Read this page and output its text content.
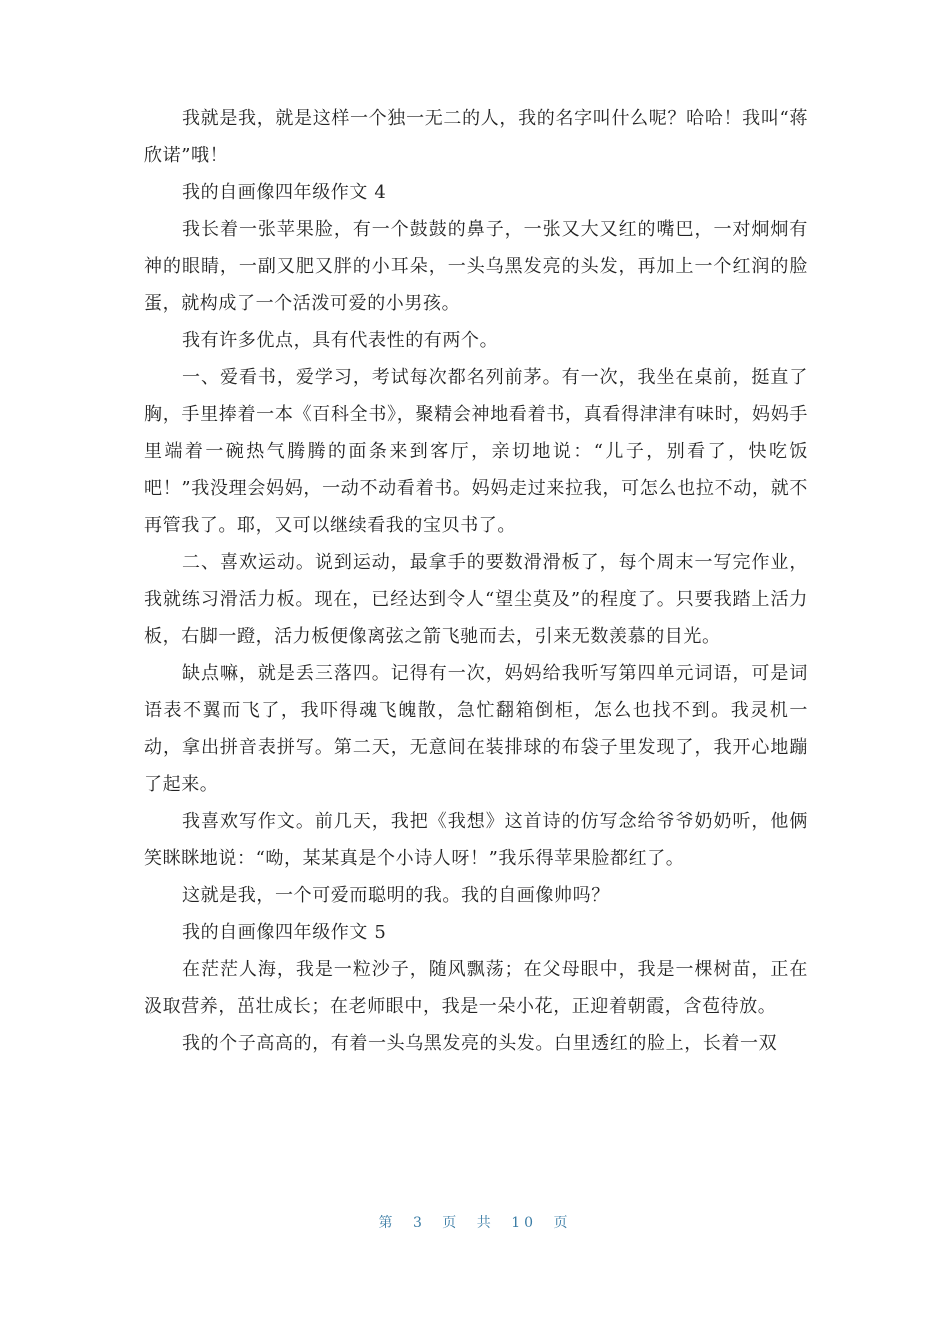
我就是我，就是这样一个独一无二的人，我的名字叫什么呢？哈哈！我叫“蒋欣诺”哦！

我的自画像四年级作文 4

我长着一张苹果脸，有一个鼓鼓的鼻子，一张又大又红的嘴巴，一对炯炯有神的眼睛，一副又肥又胖的小耳朵，一头乌黑发亮的头发，再加上一个红润的脸蛋，就构成了一个活泼可爱的小男孩。

我有许多优点，具有代表性的有两个。

一、爱看书，爱学习，考试每次都名列前茅。有一次，我坐在桌前，挺直了胸，手里捧着一本《百科全书》，聚精会神地看着书，真看得津津有味时，妈妈手里端着一碗热气腾腾的面条来到客厅，亲切地说：“儿子，别看了，快吃饭吧！”我没理会妈妈，一动不动看着书。妈妈走过来拉我，可怎么也拉不动，就不再管我了。耶，又可以继续看我的宝贝书了。

二、喜欢运动。说到运动，最拿手的要数滑滑板了，每个周末一写完作业，我就练习滑活力板。现在，已经达到令人“望尘莫及”的程度了。只要我踏上活力板，右脚一蹬，活力板便像离弦之箭飞驰而去，引来无数羡慕的目光。

缺点嘛，就是丢三落四。记得有一次，妈妈给我听写第四单元词语，可是词语表不翼而飞了，我吓得魂飞魄散，急忙翻箱倒柜，怎么也找不到。我灵机一动，拿出拼音表拼写。第二天，无意间在装排球的布袋子里发现了，我开心地蹦了起来。

我喜欢写作文。前几天，我把《我想》这首诗的仿写念给爷爷奶奶听，他俩笑眯眯地说：“呦，某某真是个小诗人呀！”我乐得苹果脸都红了。

这就是我，一个可爱而聪明的我。我的自画像帅吗？

我的自画像四年级作文 5

在茫茫人海，我是一粒沙子，随风飘荡；在父母眼中，我是一棵树苗，正在汲取营养，茁壮成长；在老师眼中，我是一朵小花，正迎着朝霞，含苞待放。

我的个子高高的，有着一头乌黑发亮的头发。白里透红的脸上，长着一双

第 3 页 共 10 页
